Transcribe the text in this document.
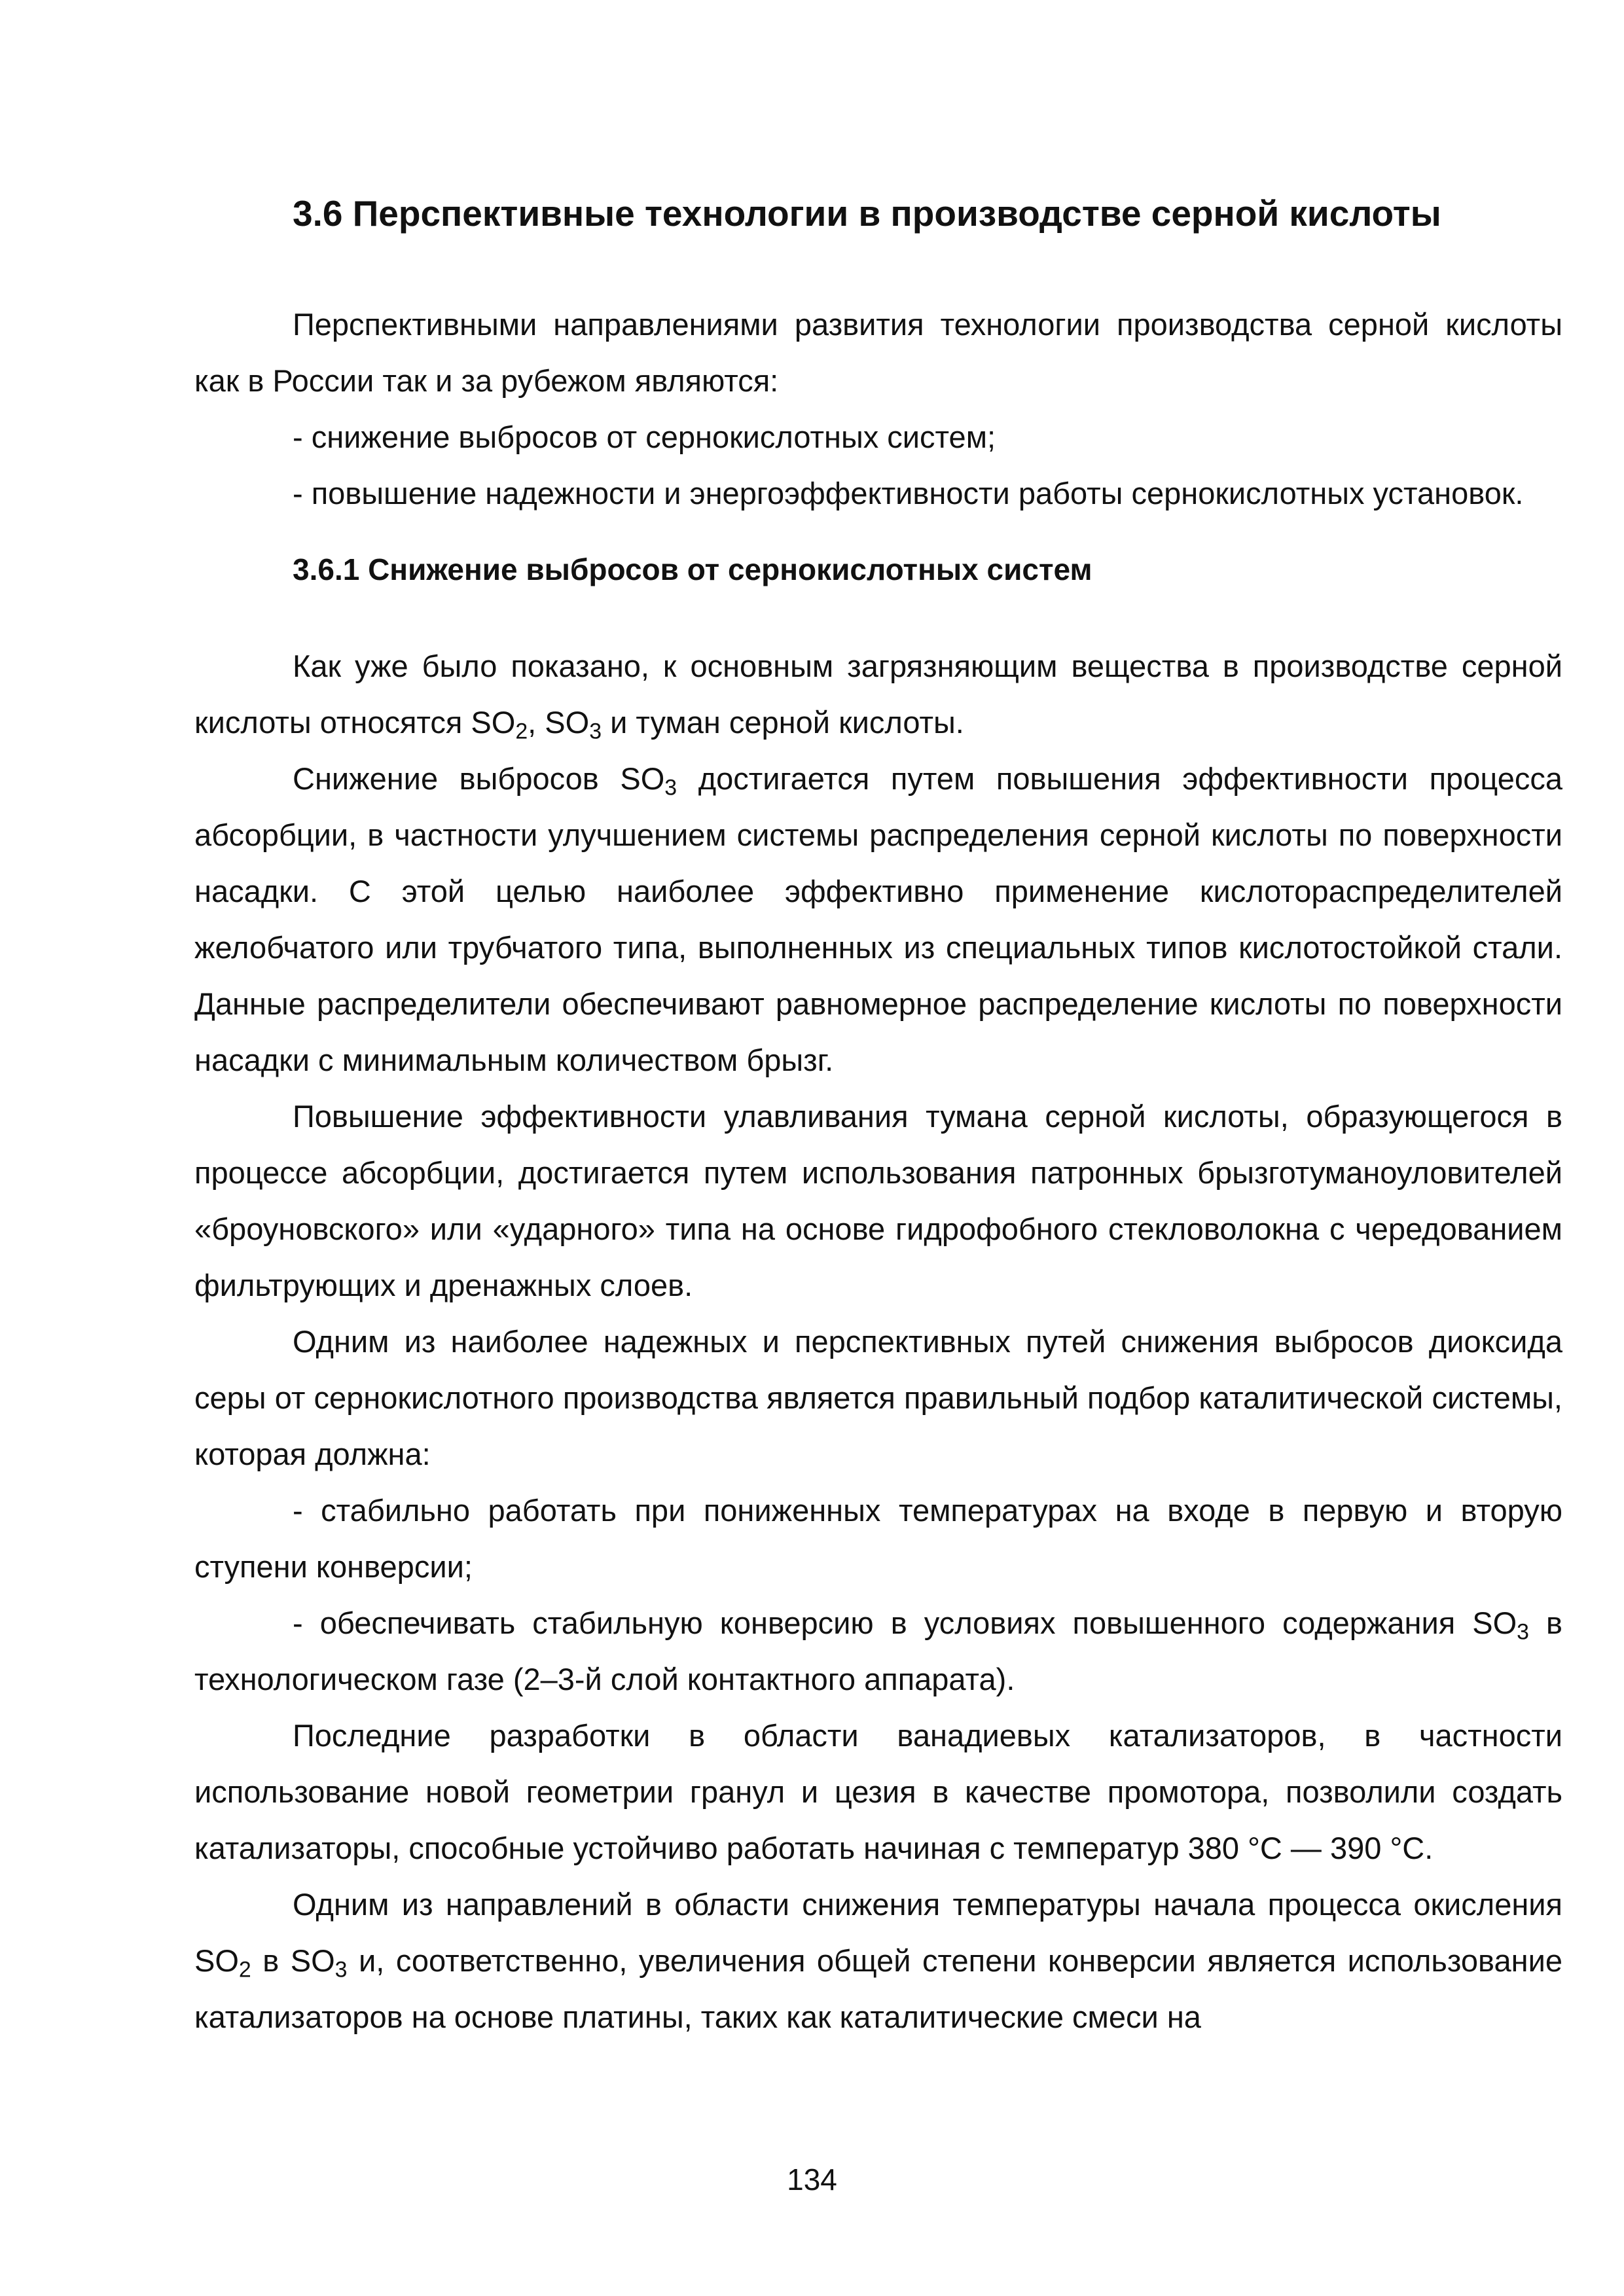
3.6 Перспективные технологии в производстве серной кислоты

Перспективными направлениями развития технологии производства серной кислоты как в России так и за рубежом являются:

- снижение выбросов от сернокислотных систем;

- повышение надежности и энергоэффективности работы сернокислотных установок.

3.6.1 Снижение выбросов от сернокислотных систем

Как уже было показано, к основным загрязняющим вещества в производстве серной кислоты относятся $SO_2$, $SO_3$ и туман серной кислоты.

Снижение выбросов $SO_3$ достигается путем повышения эффективности процесса абсорбции, в частности улучшением системы распределения серной кислоты по поверхности насадки. С этой целью наиболее эффективно применение кислотораспределителей желобчатого или трубчатого типа, выполненных из специальных типов кислотостойкой стали. Данные распределители обеспечивают равномерное распределение кислоты по поверхности насадки с минимальным количеством брызг.

Повышение эффективности улавливания тумана серной кислоты, образующегося в процессе абсорбции, достигается путем использования патронных брызготуманоуловителей «броуновского» или «ударного» типа на основе гидрофобного стекловолокна с чередованием фильтрующих и дренажных слоев.

Одним из наиболее надежных и перспективных путей снижения выбросов диоксида серы от сернокислотного производства является правильный подбор каталитической системы, которая должна:

- стабильно работать при пониженных температурах на входе в первую и вторую ступени конверсии;

- обеспечивать стабильную конверсию в условиях повышенного содержания $SO_3$ в технологическом газе (2–3-й слой контактного аппарата).

Последние разработки в области ванадиевых катализаторов, в частности использование новой геометрии гранул и цезия в качестве промотора, позволили создать катализаторы, способные устойчиво работать начиная с температур 380 °С — 390 °С.

Одним из направлений в области снижения температуры начала процесса окисления $SO_2$ в $SO_3$ и, соответственно, увеличения общей степени конверсии является использование катализаторов на основе платины, таких как каталитические смеси на

134
